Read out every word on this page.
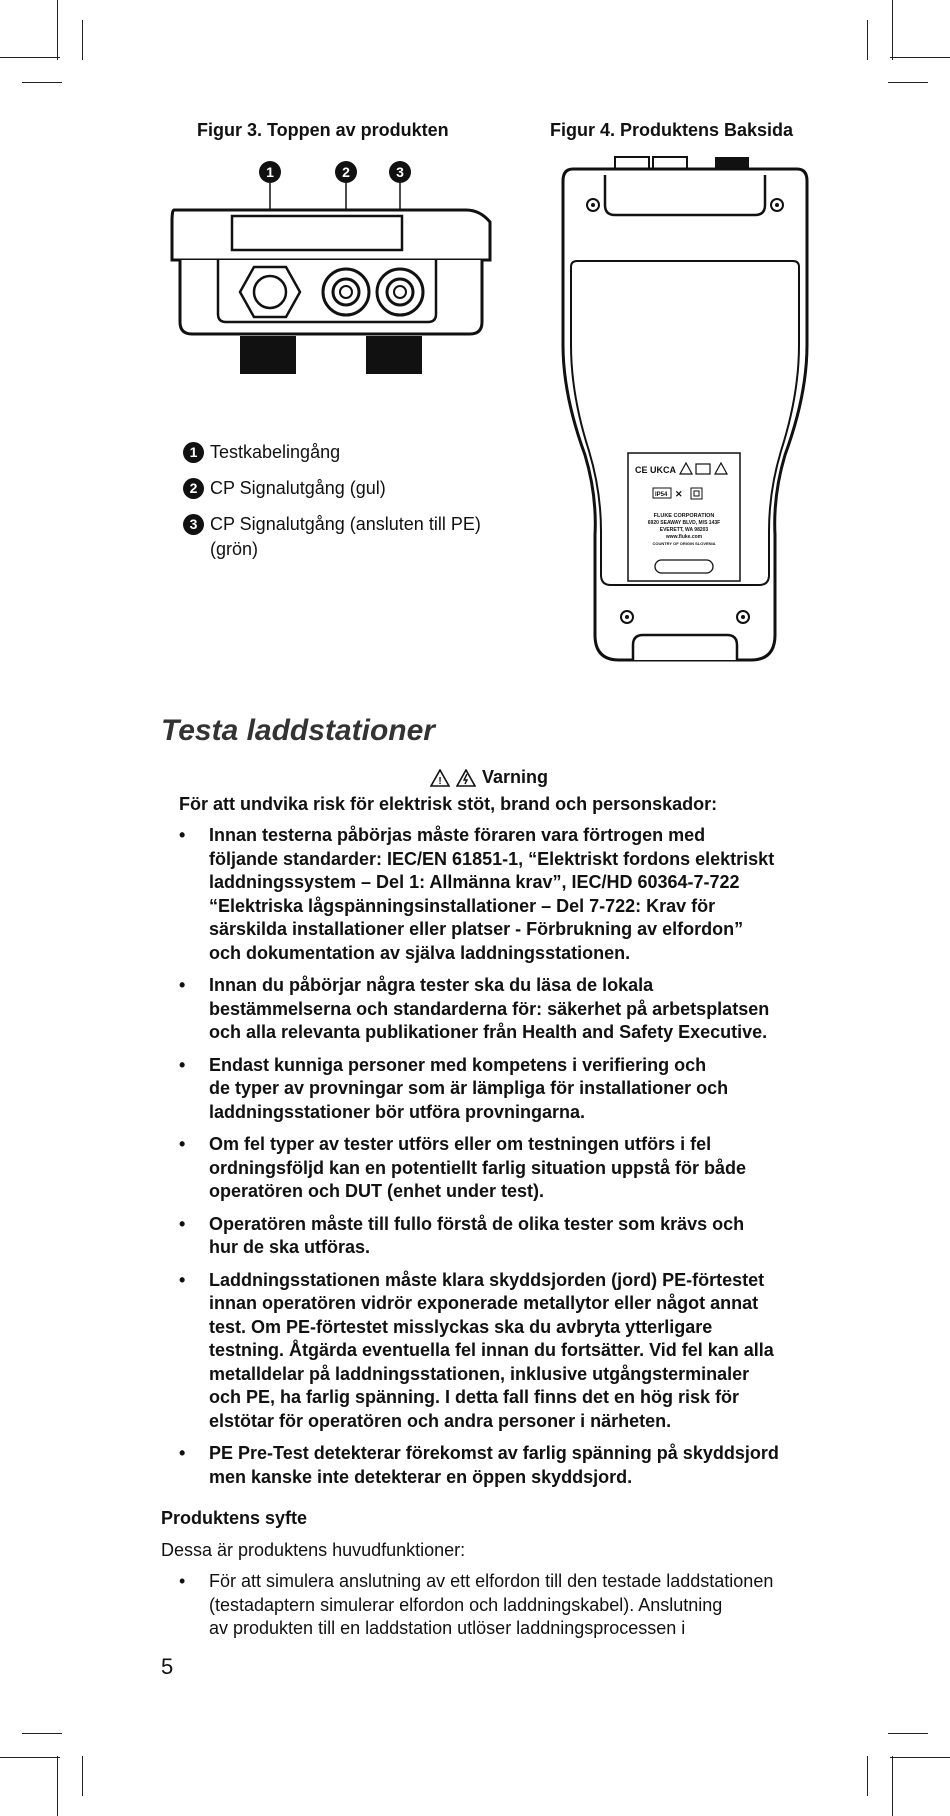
Figur 3. Toppen av produkten	Figur 4. Produktens Baksida
1	2	3
CE UKCA
IP54 ✕
FLUKE CORPORATION
6920 SEAWAY BLVD, M/S 143F
EVERETT, WA 98203
www.fluke.com
COUNTRY OF ORIGIN SLOVENIA
1 Testkabelingång
2 CP Signalutgång (gul)
3 CP Signalutgång (ansluten till PE)
(grön)
Testa laddstationer
! Varning
För att undvika risk för elektrisk stöt, brand och personskador:
• Innan testerna påbörjas måste föraren vara förtrogen med
följande standarder: IEC/EN 61851-1, “Elektriskt fordons elektriskt
laddningssystem – Del 1: Allmänna krav”, IEC/HD 60364-7-722
“Elektriska lågspänningsinstallationer – Del 7-722: Krav för
särskilda installationer eller platser - Förbrukning av elfordon”
och dokumentation av själva laddningsstationen.
• Innan du påbörjar några tester ska du läsa de lokala
bestämmelserna och standarderna för: säkerhet på arbetsplatsen
och alla relevanta publikationer från Health and Safety Executive.
• Endast kunniga personer med kompetens i verifiering och
de typer av provningar som är lämpliga för installationer och
laddningsstationer bör utföra provningarna.
• Om fel typer av tester utförs eller om testningen utförs i fel
ordningsföljd kan en potentiellt farlig situation uppstå för både
operatören och DUT (enhet under test).
• Operatören måste till fullo förstå de olika tester som krävs och
hur de ska utföras.
• Laddningsstationen måste klara skyddsjorden (jord) PE-förtestet
innan operatören vidrör exponerade metallytor eller något annat
test. Om PE-förtestet misslyckas ska du avbryta ytterligare
testning. Åtgärda eventuella fel innan du fortsätter. Vid fel kan alla
metalldelar på laddningsstationen, inklusive utgångsterminaler
och PE, ha farlig spänning. I detta fall finns det en hög risk för
elstötar för operatören och andra personer i närheten.
• PE Pre-Test detekterar förekomst av farlig spänning på skyddsjord
men kanske inte detekterar en öppen skyddsjord.
Produktens syfte
Dessa är produktens huvudfunktioner:
• För att simulera anslutning av ett elfordon till den testade laddstationen
(testadaptern simulerar elfordon och laddningskabel). Anslutning
av produkten till en laddstation utlöser laddningsprocessen i
5
